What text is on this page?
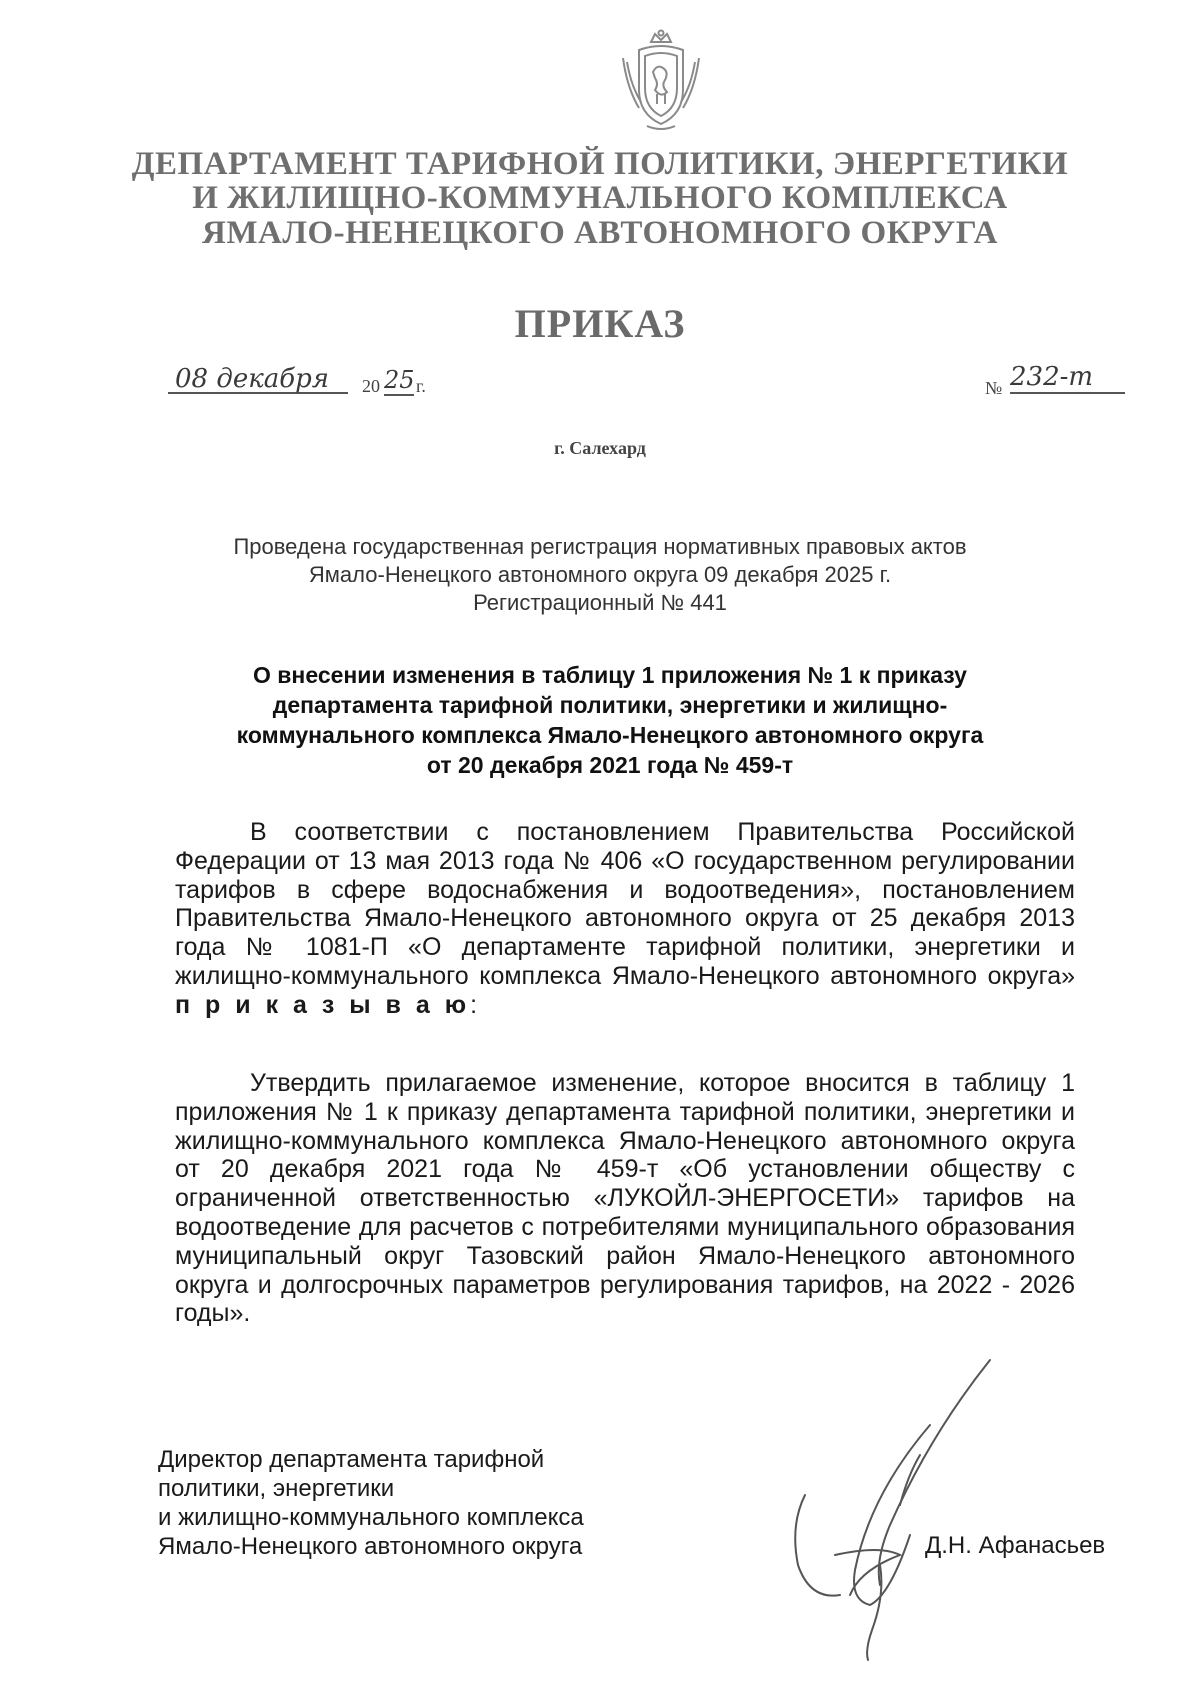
ДЕПАРТАМЕНТ ТАРИФНОЙ ПОЛИТИКИ, ЭНЕРГЕТИКИ
И ЖИЛИЩНО-КОММУНАЛЬНОГО КОМПЛЕКСА
ЯМАЛО-НЕНЕЦКОГО АВТОНОМНОГО ОКРУГА
ПРИКАЗ
08 декабря 20 25 г.	№ 232-т
г. Салехард
Проведена государственная регистрация нормативных правовых актов
Ямало-Ненецкого автономного округа 09 декабря 2025 г.
Регистрационный № 441
О внесении изменения в таблицу 1 приложения № 1 к приказу
департамента тарифной политики, энергетики и жилищно-
коммунального комплекса Ямало-Ненецкого автономного округа
от 20 декабря 2021 года № 459-т
В соответствии с постановлением Правительства Российской Федерации от 13 мая 2013 года № 406 «О государственном регулировании тарифов в сфере водоснабжения и водоотведения», постановлением Правительства Ямало-Ненецкого автономного округа от 25 декабря 2013 года № 1081-П «О департаменте тарифной политики, энергетики и жилищно-коммунального комплекса Ямало-Ненецкого автономного округа» п р и к а з ы в а ю:
Утвердить прилагаемое изменение, которое вносится в таблицу 1 приложения № 1 к приказу департамента тарифной политики, энергетики и жилищно-коммунального комплекса Ямало-Ненецкого автономного округа от 20 декабря 2021 года № 459-т «Об установлении обществу с ограниченной ответственностью «ЛУКОЙЛ-ЭНЕРГОСЕТИ» тарифов на водоотведение для расчетов с потребителями муниципального образования муниципальный округ Тазовский район Ямало-Ненецкого автономного округа и долгосрочных параметров регулирования тарифов, на 2022 - 2026 годы».
Директор департамента тарифной
политики, энергетики
и жилищно-коммунального комплекса
Ямало-Ненецкого автономного округа	Д.Н. Афанасьев
